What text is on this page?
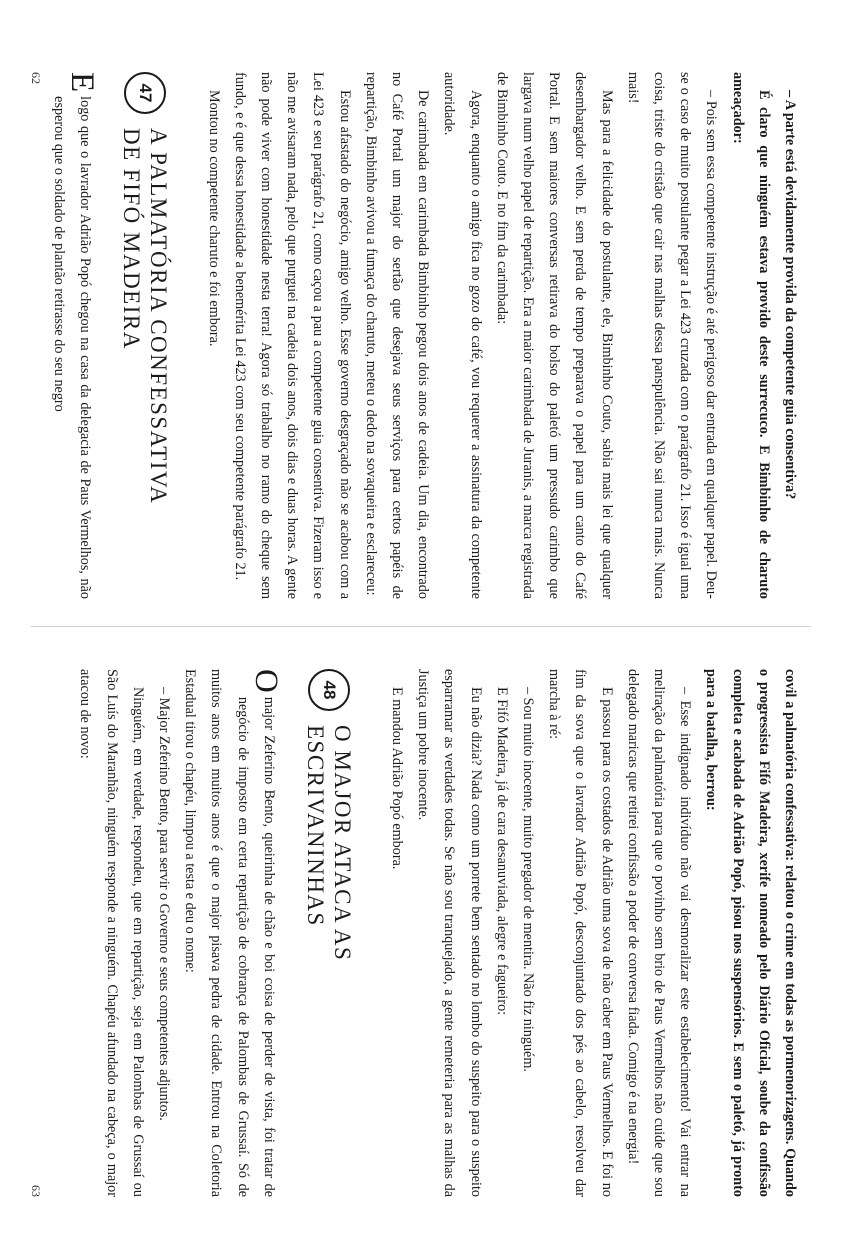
– A parte está devidamente provida da competente guia consentiva?

É claro que ninguém estava provido deste surrecuco. E Bimbinho de charuto ameaçador:

– Pois sem essa competente instrução é até perigoso dar entrada em qualquer papel. Deu-se o caso de muito postulante pegar a Lei 423 cruzada com o parágrafo 21. Isso é igual uma coisa, triste do cristão que cair nas malhas dessa panspulência. Não sai nunca mais. Nunca mais!

Mas para a felicidade do postulante, ele, Bimbinho Couto, sabia mais lei que qualquer desembargador velho. E sem perda de tempo preparava o papel para um canto do Café Portal. E sem maiores conversas retirava do bolso do paletó um pressudo carimbo que largava num velho papel de repartição. Era a maior carimbada de Juranis, a marca registrada de Bimbinho Couto. E no fim da carimbada:

Agora, enquanto o amigo fica no gozo do café, vou requerer a assinatura da competente autoridade.

De carimbada em carimbada Bimbinho pegou dois anos de cadeia. Um dia, encontrado no Café Portal um major do sertão que desejava seus serviços para certos papéis de repartição, Bimbinho avivou a fumaça do charuto, meteu o dedo na sovaqueira e esclareceu:

Estou afastado do negócio, amigo velho. Esse governo desgraçado não se acabou com a Lei 423 e seu parágrafo 21, como caçou a pau a competente guia consentiva. Fizeram isso e não me avisaram nada, pelo que purguei na cadeia dois anos, dois dias e duas horas. A gente não pode viver com honestidade nesta terra! Agora só trabalho no ramo do cheque sem fundo, e é que dessa honestidade a benemérita Lei 423 com seu competente parágrafo 21.

Montou no competente charuto e foi embora.

47
A PALMATÓRIA CONFESSATIVA
DE FIFÓ MADEIRA

E
logo que o lavrador Adrião Popó chegou na casa da delegacia de Paus Vermelhos, não esperou que o soldado de plantão retirasse do seu negro

62

covil a palmatória confessativa: relatou o crime em todas as pormenorizagens. Quando o progressista Fifó Madeira, xerife nomeado pelo Diário Oficial, soube da confissão completa e acabada de Adrião Popó, pisou nos suspensórios. E sem o paletó, já pronto para a batalha, berrou:

– Esse indignado indivíduo não vai desmoralizar este estabelecimento! Vai entrar na meliração da palmatória para que o povinho sem brio de Paus Vermelhos não cuide que sou delegado maricas que retirei confissão a poder de conversa fiada. Comigo é na energia!

E passou para os costados de Adrião uma sova de não caber em Paus Vermelhos. E foi no fim da sova que o lavrador Adrião Popó, desconjuntado dos pés ao cabelo, resolveu dar marcha à ré:

– Sou muito inocente, muito pregador de mentira. Não fiz ninguém.

E Fifó Madeira, já de cara desanuviada, alegre e fagueiro:

Eu não dizia? Nada como um porrete bem sentado no lombo do suspeito para o suspeito esparramar as verdades todas. Se não sou tranquejado, a gente remeteria para as malhas da Justiça um pobre inocente.

E mandou Adrião Popó embora.

48
O MAJOR ATACA AS
ESCRIVANINHAS

O
major Zeferino Bento, queirinha de chão e boi coisa de perder de vista, foi tratar de negócio de imposto em certa repartição de cobrança de Palombas de Grussaí. Só de muitos anos em muitos anos é que o major pisava pedra de cidade. Entrou na Coletoria Estadual tirou o chapéu, limpou a testa e deu o nome:

– Major Zeferino Bento, para servir o Governo e seus competentes adjuntos.

Ninguém, em verdade, respondeu, que em repartição, seja em Palombas de Grussaí ou São Luís do Maranhão, ninguém responde a ninguém. Chapéu afundado na cabeça, o major atacou de novo:

63
